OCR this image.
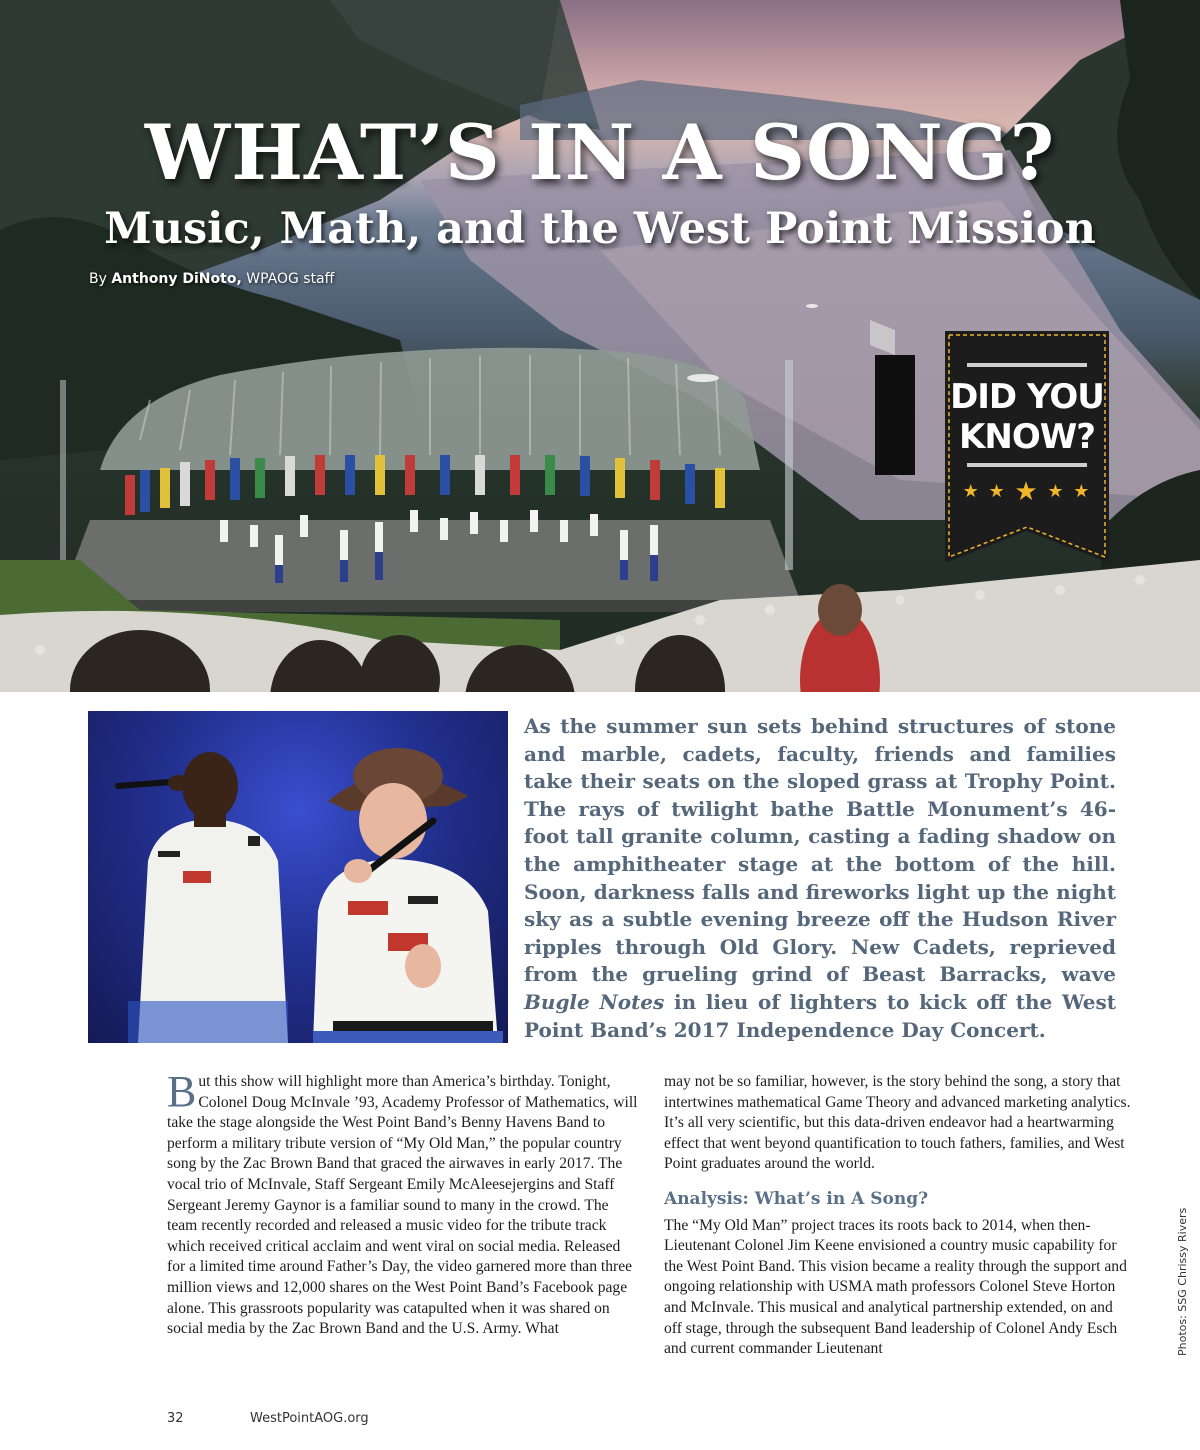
WHAT’S IN A SONG?
Music, Math, and the West Point Mission
By Anthony DiNoto, WPAOG staff
DID YOU
KNOW?
★ ★ ★ ★ ★
As the summer sun sets behind structures of stone and marble, cadets, faculty, friends and families take their seats on the sloped grass at Trophy Point. The rays of twilight bathe Battle Monument’s 46-foot tall granite column, casting a fading shadow on the amphitheater stage at the bottom of the hill. Soon, darkness falls and fireworks light up the night sky as a subtle evening breeze off the Hudson River ripples through Old Glory. New Cadets, reprieved from the grueling grind of Beast Barracks, wave Bugle Notes in lieu of lighters to kick off the West Point Band’s 2017 Independence Day Concert.

But this show will highlight more than America’s birthday. Tonight, Colonel Doug McInvale ’93, Academy Professor of Mathematics, will take the stage alongside the West Point Band’s Benny Havens Band to perform a military tribute version of “My Old Man,” the popular country song by the Zac Brown Band that graced the airwaves in early 2017. The vocal trio of McInvale, Staff Sergeant Emily McAleesejergins and Staff Sergeant Jeremy Gaynor is a familiar sound to many in the crowd. The team recently recorded and released a music video for the tribute track which received critical acclaim and went viral on social media. Released for a limited time around Father’s Day, the video garnered more than three million views and 12,000 shares on the West Point Band’s Facebook page alone. This grassroots popularity was catapulted when it was shared on social media by the Zac Brown Band and the U.S. Army. What

may not be so familiar, however, is the story behind the song, a story that intertwines mathematical Game Theory and advanced marketing analytics. It’s all very scientific, but this data-driven endeavor had a heartwarming effect that went beyond quantification to touch fathers, families, and West Point graduates around the world.

Analysis: What’s in A Song?

The “My Old Man” project traces its roots back to 2014, when then-Lieutenant Colonel Jim Keene envisioned a country music capability for the West Point Band. This vision became a reality through the support and ongoing relationship with USMA math professors Colonel Steve Horton and McInvale. This musical and analytical partnership extended, on and off stage, through the subsequent Band leadership of Colonel Andy Esch and current commander Lieutenant

32	WestPointAOG.org
Photos: SSG Chrissy Rivers
